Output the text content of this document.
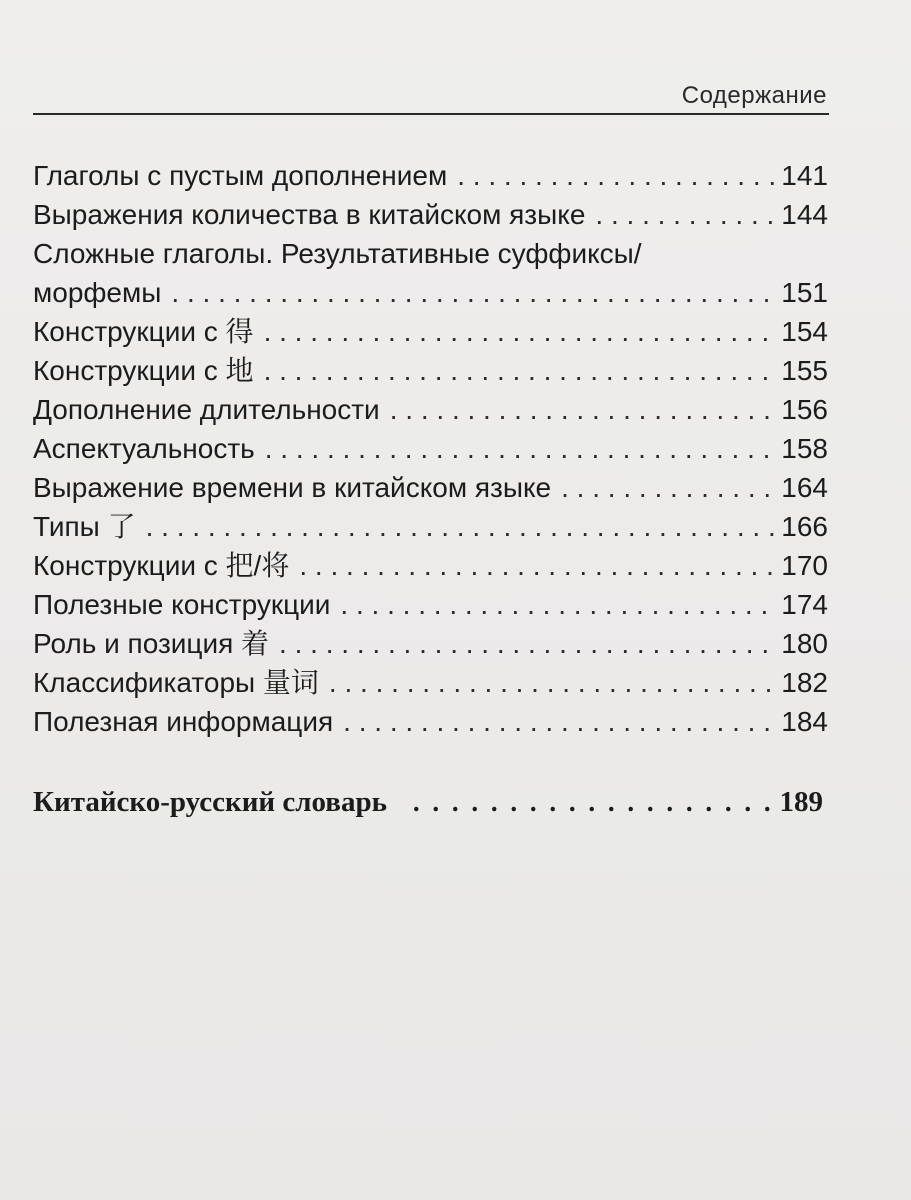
Содержание
Глаголы с пустым дополнением . . .	141
Выражения количества в китайском языке . . .	144
Сложные глаголы. Результативные суффиксы/
морфемы . . .	151
Конструкции с 得 . . .	154
Конструкции с 地 . . .	155
Дополнение длительности . . .	156
Аспектуальность . . .	158
Выражение времени в китайском языке . . .	164
Типы 了 . . .	166
Конструкции с 把/将 . . .	170
Полезные конструкции . . .	174
Роль и позиция 着 . . .	180
Классификаторы 量词 . . .	182
Полезная информация . . .	184
Китайско-русский словарь . . .	189
